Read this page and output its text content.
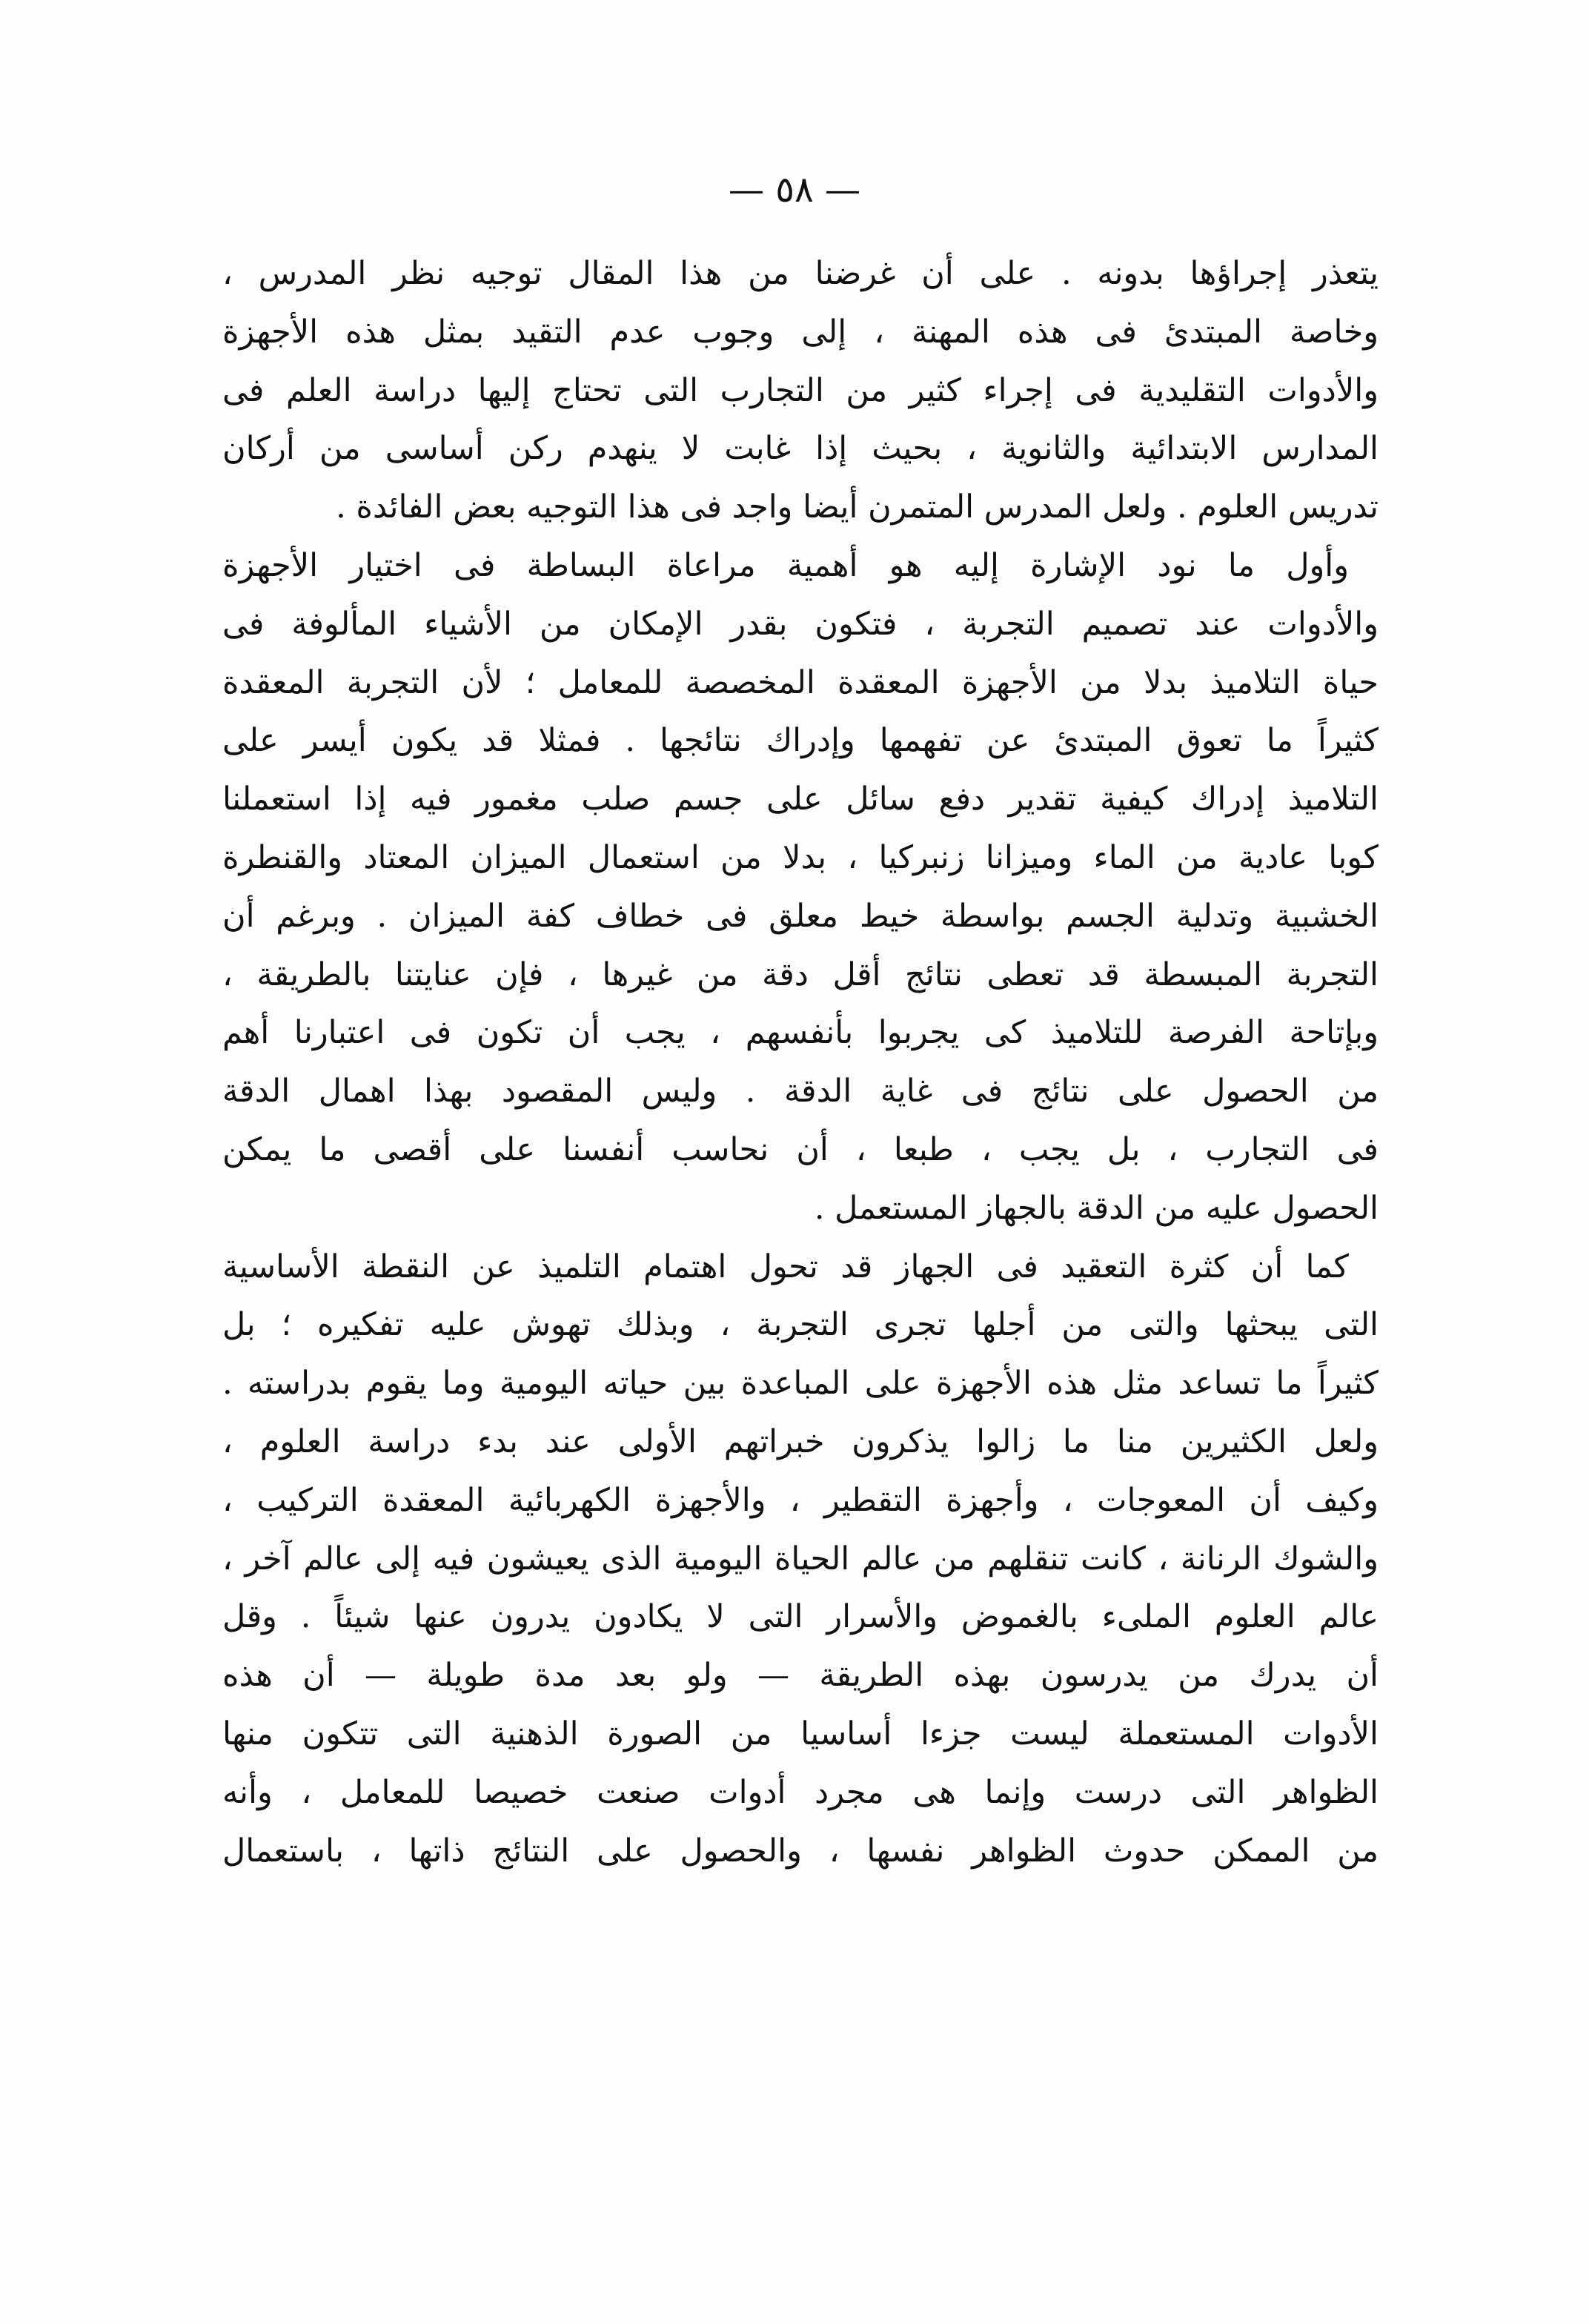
— ٥٨ —
يتعذر إجراؤها بدونه . على أن غرضنا من هذا المقال توجيه نظر المدرس ،
وخاصة المبتدئ فى هذه المهنة ، إلى وجوب عدم التقيد بمثل هذه الأجهزة
والأدوات التقليدية فى إجراء كثير من التجارب التى تحتاج إليها دراسة العلم فى
المدارس الابتدائية والثانوية ، بحيث إذا غابت لا ينهدم ركن أساسى من أركان
تدريس العلوم . ولعل المدرس المتمرن أيضا واجد فى هذا التوجيه بعض الفائدة .
وأول ما نود الإشارة إليه هو أهمية مراعاة البساطة فى اختيار الأجهزة
والأدوات عند تصميم التجربة ، فتكون بقدر الإمكان من الأشياء المألوفة فى
حياة التلاميذ بدلا من الأجهزة المعقدة المخصصة للمعامل ؛ لأن التجربة المعقدة
كثيراً ما تعوق المبتدئ عن تفهمها وإدراك نتائجها . فمثلا قد يكون أيسر على
التلاميذ إدراك كيفية تقدير دفع سائل على جسم صلب مغمور فيه إذا استعملنا
كوبا عادية من الماء وميزانا زنبركيا ، بدلا من استعمال الميزان المعتاد والقنطرة
الخشبية وتدلية الجسم بواسطة خيط معلق فى خطاف كفة الميزان . وبرغم أن
التجربة المبسطة قد تعطى نتائج أقل دقة من غيرها ، فإن عنايتنا بالطريقة ،
وبإتاحة الفرصة للتلاميذ كى يجربوا بأنفسهم ، يجب أن تكون فى اعتبارنا أهم
من الحصول على نتائج فى غاية الدقة . وليس المقصود بهذا اهمال الدقة
فى التجارب ، بل يجب ، طبعا ، أن نحاسب أنفسنا على أقصى ما يمكن
الحصول عليه من الدقة بالجهاز المستعمل .
كما أن كثرة التعقيد فى الجهاز قد تحول اهتمام التلميذ عن النقطة الأساسية
التى يبحثها والتى من أجلها تجرى التجربة ، وبذلك تهوش عليه تفكيره ؛ بل
كثيراً ما تساعد مثل هذه الأجهزة على المباعدة بين حياته اليومية وما يقوم بدراسته .
ولعل الكثيرين منا ما زالوا يذكرون خبراتهم الأولى عند بدء دراسة العلوم ،
وكيف أن المعوجات ، وأجهزة التقطير ، والأجهزة الكهربائية المعقدة التركيب ،
والشوك الرنانة ، كانت تنقلهم من عالم الحياة اليومية الذى يعيشون فيه إلى عالم آخر ،
عالم العلوم الملىء بالغموض والأسرار التى لا يكادون يدرون عنها شيئاً . وقل
أن يدرك من يدرسون بهذه الطريقة — ولو بعد مدة طويلة — أن هذه
الأدوات المستعملة ليست جزءا أساسيا من الصورة الذهنية التى تتكون منها
الظواهر التى درست وإنما هى مجرد أدوات صنعت خصيصا للمعامل ، وأنه
من الممكن حدوث الظواهر نفسها ، والحصول على النتائج ذاتها ، باستعمال
